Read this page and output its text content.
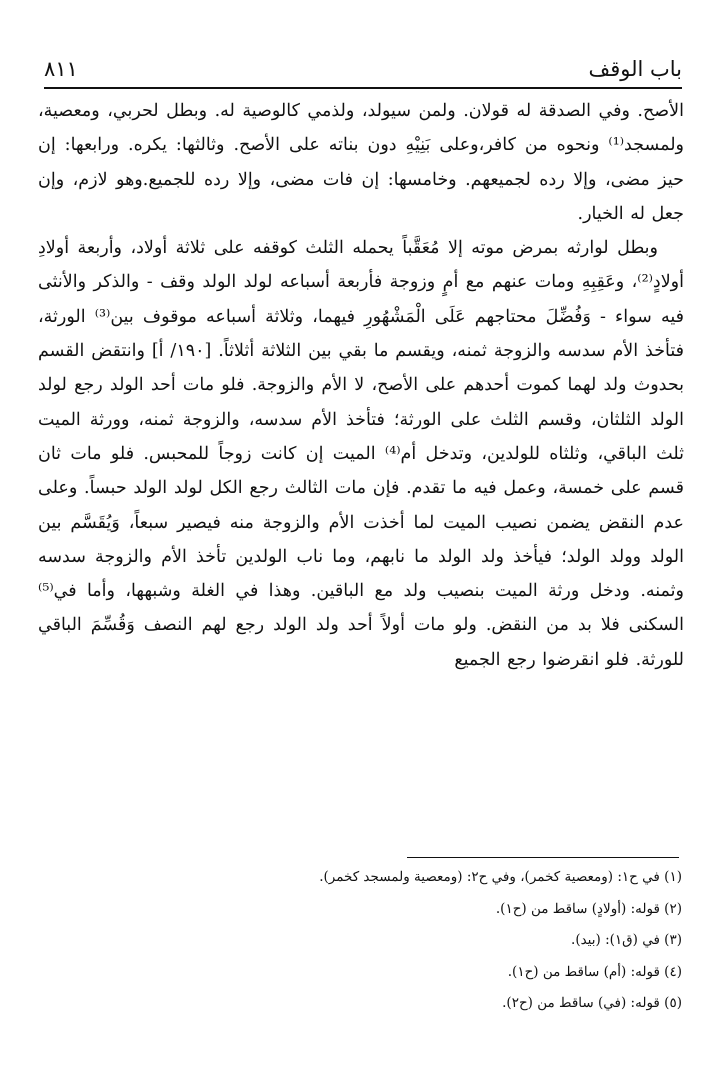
باب الوقف
٨١١

الأصح. وفي الصدقة له قولان. ولمن سيولد، ولذمي كالوصية له. وبطل لحربي، ومعصية، ولمسجد⁽¹⁾ ونحوه من كافر،وعلى بَنِيْهِ دون بناته على الأصح. وثالثها: يكره. ورابعها: إن حيز مضى، وإلا رده لجميعهم. وخامسها: إن فات مضى، وإلا رده للجميع.وهو لازم، وإن جعل له الخيار.

وبطل لوارثه بمرض موته إلا مُعَقَّباً يحمله الثلث كوقفه على ثلاثة أولاد، وأربعة أولادِ أولادٍ⁽²⁾، وعَقِبِهِ ومات عنهم مع أمٍ وزوجة فأربعة أسباعه لولد الولد وقف - والذكر والأنثى فيه سواء - وَفُضِّلَ محتاجهم عَلَى الْمَشْهُورِ فيهما، وثلاثة أسباعه موقوف بين⁽³⁾ الورثة، فتأخذ الأم سدسه والزوجة ثمنه، ويقسم ما بقي بين الثلاثة أثلاثاً. [١٩٠/ أ] وانتقض القسم بحدوث ولد لهما كموت أحدهم على الأصح، لا الأم والزوجة. فلو مات أحد الولد رجع لولد الولد الثلثان، وقسم الثلث على الورثة؛ فتأخذ الأم سدسه، والزوجة ثمنه، وورثة الميت ثلث الباقي، وثلثاه للولدين، وتدخل أم⁽⁴⁾ الميت إن كانت زوجاً للمحبس. فلو مات ثان قسم على خمسة، وعمل فيه ما تقدم. فإن مات الثالث رجع الكل لولد الولد حبساً. وعلى عدم النقض يضمن نصيب الميت لما أخذت الأم والزوجة منه فيصير سبعاً، وَيُقَسَّم بين الولد وولد الولد؛ فيأخذ ولد الولد ما نابهم، وما ناب الولدين تأخذ الأم والزوجة سدسه وثمنه. ودخل ورثة الميت بنصيب ولد مع الباقين. وهذا في الغلة وشبهها، وأما في⁽⁵⁾ السكنى فلا بد من النقض. ولو مات أولاً أحد ولد الولد رجع لهم النصف وَقُسِّمَ الباقي للورثة. فلو انقرضوا رجع الجميع

(١) في ح١: (ومعصية كخمر)، وفي ح٢: (ومعصية ولمسجد كخمر).

(٢) قوله: (أولادٍ) ساقط من (ح١).

(٣) في (ق١): (بيد).

(٤) قوله: (أم) ساقط من (ح١).

(٥) قوله: (في) ساقط من (ح٢).
